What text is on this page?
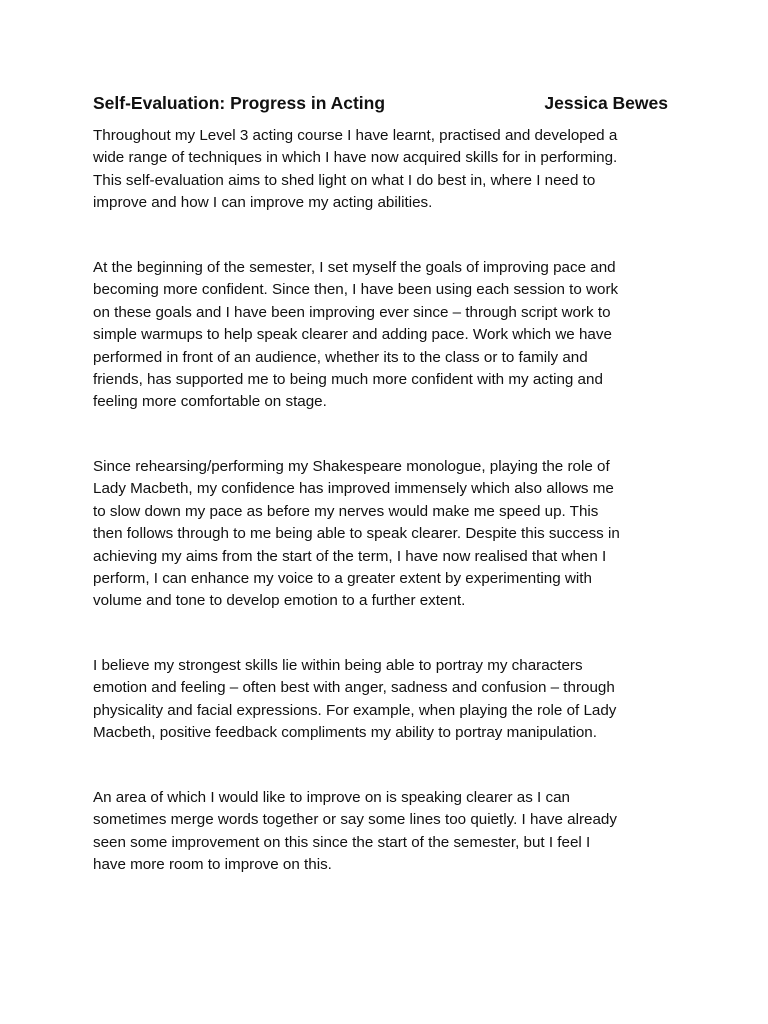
Self-Evaluation: Progress in Acting	Jessica Bewes

Throughout my Level 3 acting course I have learnt, practised and developed a
wide range of techniques in which I have now acquired skills for in performing.
This self-evaluation aims to shed light on what I do best in, where I need to
improve and how I can improve my acting abilities.

At the beginning of the semester, I set myself the goals of improving pace and
becoming more confident. Since then, I have been using each session to work
on these goals and I have been improving ever since – through script work to
simple warmups to help speak clearer and adding pace. Work which we have
performed in front of an audience, whether its to the class or to family and
friends, has supported me to being much more confident with my acting and
feeling more comfortable on stage.

Since rehearsing/performing my Shakespeare monologue, playing the role of
Lady Macbeth, my confidence has improved immensely which also allows me
to slow down my pace as before my nerves would make me speed up. This
then follows through to me being able to speak clearer. Despite this success in
achieving my aims from the start of the term, I have now realised that when I
perform, I can enhance my voice to a greater extent by experimenting with
volume and tone to develop emotion to a further extent.

I believe my strongest skills lie within being able to portray my characters
emotion and feeling – often best with anger, sadness and confusion – through
physicality and facial expressions. For example, when playing the role of Lady
Macbeth, positive feedback compliments my ability to portray manipulation.

An area of which I would like to improve on is speaking clearer as I can
sometimes merge words together or say some lines too quietly. I have already
seen some improvement on this since the start of the semester, but I feel I
have more room to improve on this.
